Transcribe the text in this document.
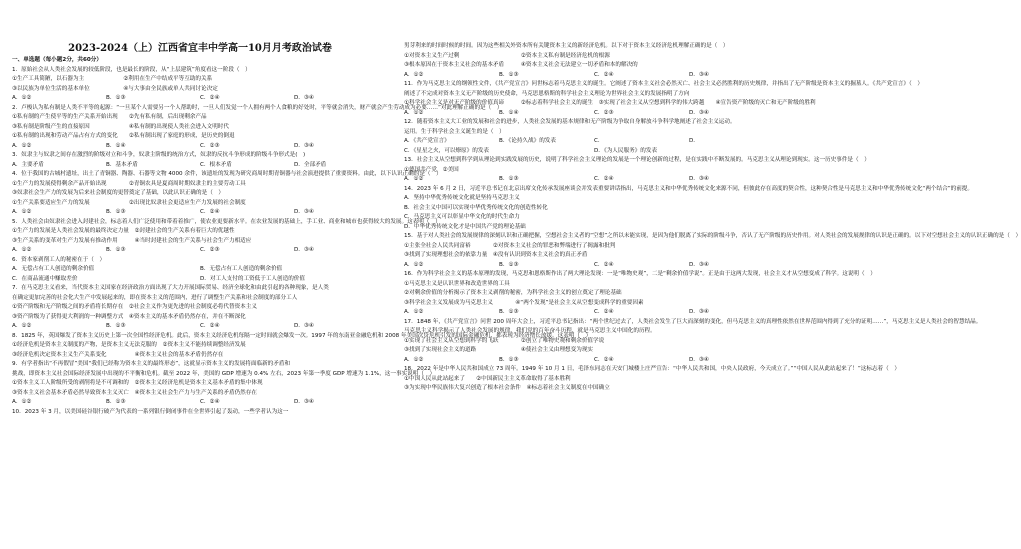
2023-2024（上）江西省宜丰中学高一10月月考政治试卷

一、单选题（每小题2分，共60分）

1．原始社会从人类社会发展的较低阶段，也是最长的阶段，从“上层建筑”角度看这一阶段（　）

①生产工具简陋，以石器为主　　　　　　　②利用在生产中结成平等互助的关系

③以民族为单位生活的基本单位　　　　　　④与大事由全民族或单人共同讨论决定

A．①②	B．①③	C．②④	D．③④

2．卢梭认为私有制是人类不平等的起源：“一旦某个人需要另一个人帮助时，一旦人们发觉一个人拥有两个人食粮的好处时，平等就会消失，财产就会产生劳动成为必要……”对此理解正确的是（　）

①私有制的产生使平等的生产关系开始出现　　②先有私有制，后出现剩余产品

③私有制是阶级产生的直接原因　　　　　　　④私有制的出现使人类社会进入文明时代

①私有制的出现和劳动产品占有方式的变化　　②私有制出现了家庭的形成，是历史的倒退

A．①②	B．①④	C．②③	D．③④

3．奴隶主与奴隶之间存在激烈的阶级对立和斗争，奴隶主阶级的统治方式，奴隶的反抗斗争形成的阶级斗争形式是(　)

A．主要矛盾	B．基本矛盾	C．根本矛盾	D．全部矛盾

4．位于我国的古城村遗址，出土了青铜器、陶器、石器等文物 4000 余件，该遗址的发现为研究商周时期青铜器与社会演进提供了重要资料。由此，以下认识正确的是（　）

①生产力的发展使得剩余产品开始出现　　　　②青铜农具是夏商周时期奴隶主的主要劳动工具

③奴隶社会生产力的发展为后来社会制度的更替奠定了基础，以此认识正确的是（　）

①生产关系要适应生产力的发展　　　　　　　②出现比奴隶社会更适应生产力发展的社会制度

A．①②	B．①③	C．②④	D．③④

5．人类社会由奴隶社会进入封建社会，标志着人们广泛使用和带着着推广，使农业更要新水平。在农业发展的基础上，手工业、商业和城市也获得较大的发展。这表明（　）

①生产力的发展是人类社会发展的最终决定力量　②封建社会的生产关系有着巨大的优越性

③生产关系的变革对生产力发展有推动作用　　　④当时封建社会的生产关系与社会生产力相适应

A．①②	B．①③	C．②③	D．③④

6．资本家剥削工人的秘密在于（　）

A．无偿占有工人创造的剩余价值	B．无偿占有工人创造的剩余价值
C．在商品流通中赚取差价	D．对工人支付的工资低于工人创造的价值

7．在马克思主义看来，当代资本主义国家在经济政治方面出现了大力开展国际贸易、经济全球化和由此引起的各种现象，是人类

在确定更加完善的社会化大生产中发展起来的，即在资本主义的范围内，进行了调整生产关系和社会制度的部分工人

①资产阶级和无产阶级之间的矛盾将长期存在　②社会主义作为更先进的社会制度必将代替资本主义

③资产阶级为了获得更大利润的一种调整方式　④资本主义的基本矛盾仍然存在，并在不断深化

A．①②	B．①③	C．②④	D．③④

8．1825 年，英国爆发了资本主义历史上第一次全国性经济危机。此后，资本主义经济危机每隔一定时间就会爆发一次。1997 年的东南亚金融危机和 2008 年美国次贷危机引发的国际金融危机，都表现为经济增长放缓。这表明（　）

①经济危机是资本主义制度的产物，是资本主义无法克服的　②资本主义不能持续调整经济发展

③经济危机决定资本主义生产关系变化　　　　　④资本主义社会的基本矛盾仍然存在

9．有学者指出“不再假冒”美国“我们已经称为资本主义的最终形态”，这就显示资本主义的发展将面临新的矛盾和

挑战，即资本主义社会国际经济发展中出现的不平衡和危机。截至 2022 年，美国的 GDP 增速为 0.4% 左右，2023 年第一季度 GDP 增速为 1.1%，这一事实说明（　）

①资本主义工人阶级所受的剥削将是不可调和的　②资本主义经济危机是资本主义基本矛盾的集中体现

③资本主义社会基本矛盾必然导致资本主义灭亡　④资本主义社会生产力与生产关系的矛盾仍然存在

A．①②	B．①③	C．②④	D．③④

10．2023 年 3 月，以美国硅谷银行破产为代表的一系列银行倒闭事件在全世界引起了轰动，一些学者认为这一

男芽利来的时间时候的时间。因为这些相关外资本所有关键资本主义的新经济危机。以下对于资本主义经济危机理解正确的是（　）

①对资本主义生产过剩　　　　　　　　　　　②资本主义私有制是经济危机的根源

③根本原因在于资本主义社会的基本矛盾　　　④资本主义社会无法建立一切矛盾和本的解决的

A．①②	B．①③	C．②④	D．③④

11．作为马克思主义的纲领性文件，《共产党宣言》问世标志着马克思主义的诞生。它阐述了资本主义社会必然灭亡、社会主义必然胜利的历史规律，并指出了无产阶级是资本主义的掘墓人。《共产党宣言》（　）

阐述了不完成对资本主义无产阶级的历史使命，马克思恩格斯的科学社会主义理论为世界社会主义的发展指明了方向

①科学社会主义是对无产阶级的价值真谛　　　②标志着科学社会主义的诞生　③实现了社会主义从空想到科学的伟大跨越　　④宣告资产阶级的灭亡和无产阶级的胜利

A．①②	B．①④	C．②③	D．③④

12．随着资本主义大工业的发展和社会的进步，人类社会发展的基本规律和无产阶级为争取自身解放斗争科学地阐述了社会主义运动。

运用。生于科学社会主义诞生的是（　）

A．《共产党宣言》	B．《论持久战》的发表	C．	D．
C．《星星之火，可以燎原》的发表	D．《为人民服务》的发表

13．社会主义从空想到科学到从理论到实践发展的历史，说明了科学社会主义理论的发展是一个理论创新的过程，是在实践中不断发展的。马克思主义从理论到现实。这一历史事件是（　）

①德国共产党　②美国

A．①②	B．①③	C．②④	D．③④

14．2023 年 6 月 2 日，习近平总书记在北京出席文化传承发展座谈会并发表重要讲话指出，马克思主义和中华优秀传统文化来源不同，但彼此存在高度的契合性，这种契合性是马克思主义和中华优秀传统文化“两个结合”的前提。

A．坚持中华优秀传统文化就是坚持马克思主义

B．社会主义中国可以实现中华优秀传统文化的创造性转化

C．马克思主义可以彰显中华文化的时代生命力

D．中华优秀传统文化才是中国共产党的理论基础

15．基于对人类社会的发展规律的深刻认识和正确把握，空想社会主义者的“空想”之所以未能实现，是因为他们脱离了实际的阶级斗争，否认了无产阶级的历史作用。对人类社会的发展规律的认识是正确的。以下对空想社会主义的认识正确的是（　）

①主张全社会人民共同富裕　　　　②对资本主义社会的罪恶和弊端进行了揭露和批判

③找到了实现理想社会的依靠力量　④没有认识到资本主义社会的真正矛盾

A．①②	B．①③	C．②④	D．③④

16．作为科学社会主义的基本原理的发现，马克思和恩格斯作出了两大理论发现：一是“唯物史观”，二是“剩余价值学说”。正是由于这两大发现，社会主义才从空想变成了科学。这说明（　）

①马克思主义是认识世界和改造世界的工具

②对剩余价值的分析揭示了资本主义剥削的秘密，为科学社会主义的创立奠定了理论基础

③科学社会主义发展成为马克思主义　　　　④“两个发现”是社会主义从空想变成科学的重要因素

A．①②	B．①③	C．②④	D．③④

17．1848 年，《共产党宣言》问世 200 周年大会上，习近平总书记指出：“两个世纪过去了，人类社会发生了巨大而深刻的变化，但马克思主义的真理性依然在世界范围内得到了充分的证明……”，马克思主义是人类社会的智慧结晶。

马克思主义科学揭示了人类社会发展的规律，我们党的百年奋斗历程，就是马克思主义中国化的历程。

①实现了社会主义从空想到科学的飞跃　　　　②创立了唯物史观和剩余价值学说

③找到了实现社会主义的道路　　　　　　　　④使社会主义由理想变为现实

A．①②	B．①③	C．②④	D．③④

18．2022 年是中华人民共和国成立 73 周年。1949 年 10 月 1 日，毛泽东同志在天安门城楼上庄严宣告：“中华人民共和国，中央人民政府，今天成立了。”“中国人民从此站起来了！”这标志着（　）

①中国人民从此站起来了　　②中国新民主主义革命取得了基本胜利

③为实现中华民族伟大复兴创造了根本社会条件　④标志着社会主义制度在中国确立
